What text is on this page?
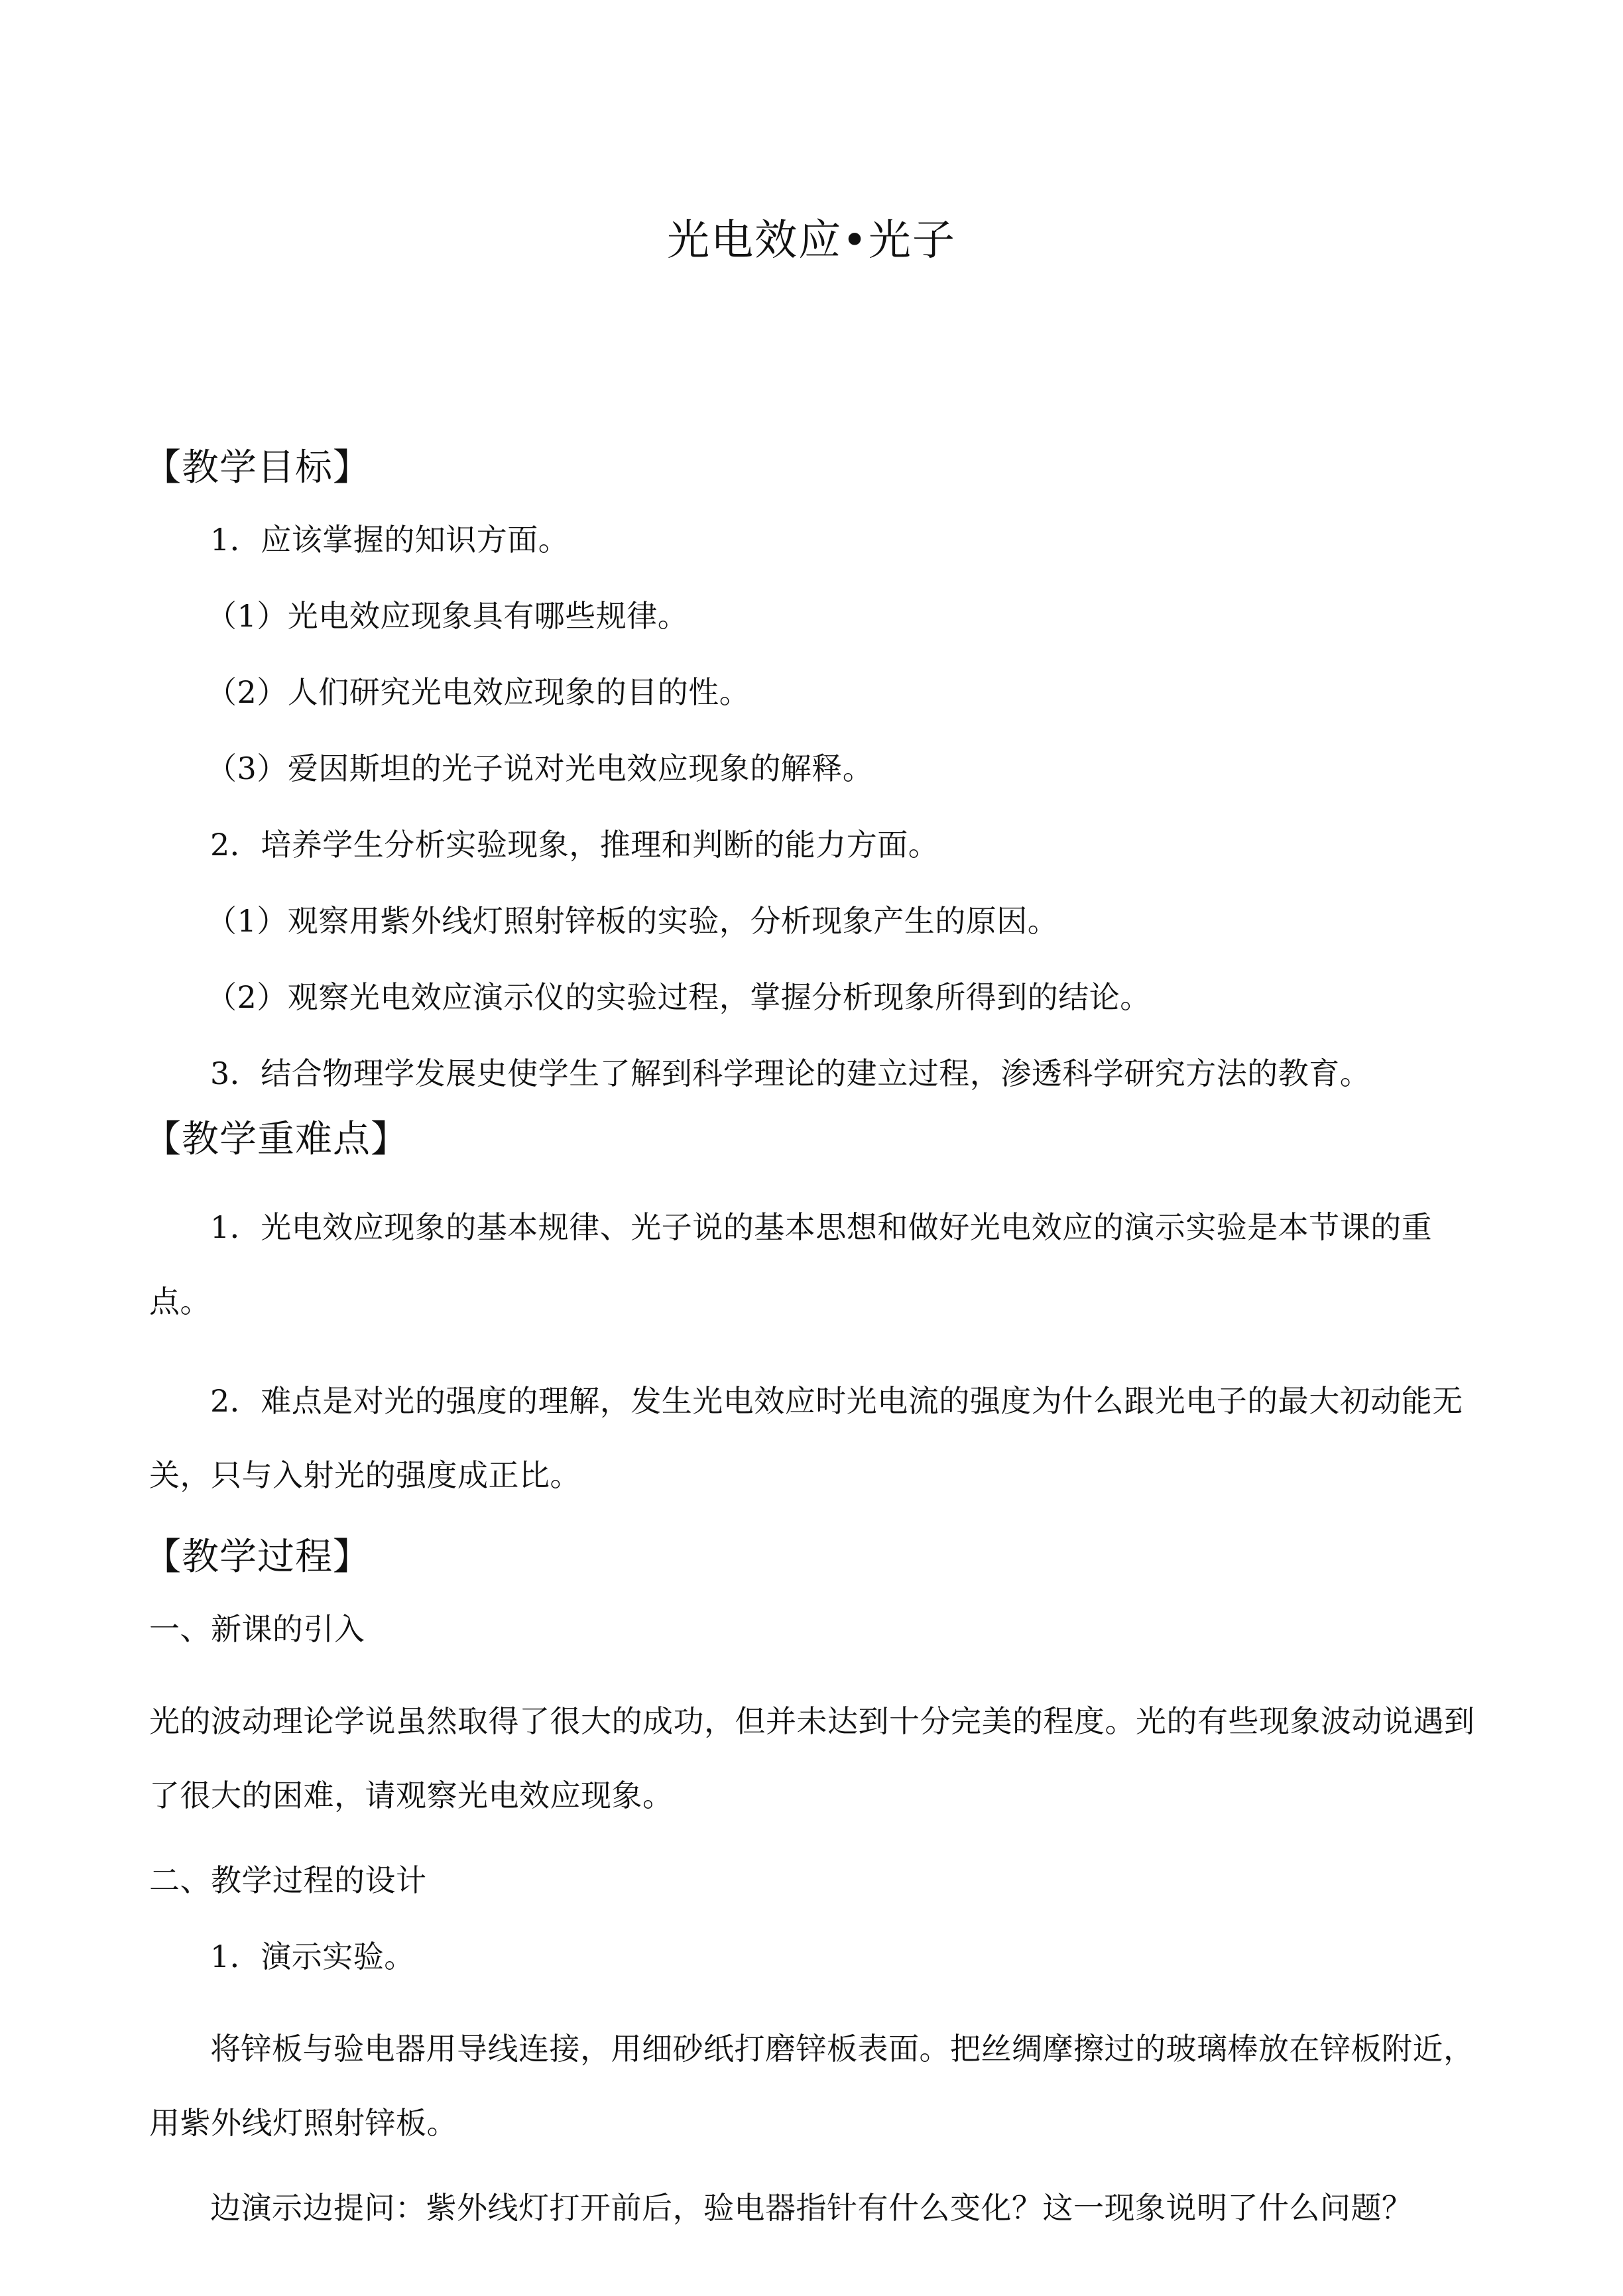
光电效应•光子
【教学目标】
1．应该掌握的知识方面。
（1）光电效应现象具有哪些规律。
（2）人们研究光电效应现象的目的性。
（3）爱因斯坦的光子说对光电效应现象的解释。
2．培养学生分析实验现象，推理和判断的能力方面。
（1）观察用紫外线灯照射锌板的实验，分析现象产生的原因。
（2）观察光电效应演示仪的实验过程，掌握分析现象所得到的结论。
3．结合物理学发展史使学生了解到科学理论的建立过程，渗透科学研究方法的教育。
【教学重难点】
1．光电效应现象的基本规律、光子说的基本思想和做好光电效应的演示实验是本节课的重点。
2．难点是对光的强度的理解，发生光电效应时光电流的强度为什么跟光电子的最大初动能无关，只与入射光的强度成正比。
【教学过程】
一、新课的引入
光的波动理论学说虽然取得了很大的成功，但并未达到十分完美的程度。光的有些现象波动说遇到了很大的困难，请观察光电效应现象。
二、教学过程的设计
1．演示实验。
将锌板与验电器用导线连接，用细砂纸打磨锌板表面。把丝绸摩擦过的玻璃棒放在锌板附近，用紫外线灯照射锌板。
边演示边提问：紫外线灯打开前后，验电器指针有什么变化？这一现象说明了什么问题？
